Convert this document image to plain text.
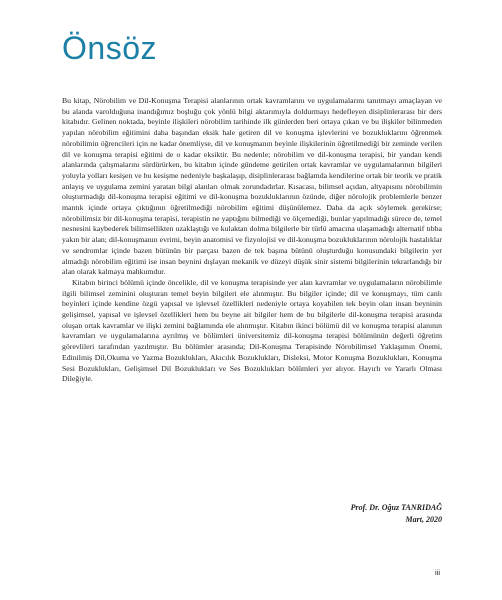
Önsöz

Bu kitap, Nörobilim ve Dil-Konuşma Terapisi alanlarının ortak kavramlarını ve uygulamalarını tanıtmayı amaçlayan ve bu alanda varolduğuna inandığımız boşluğu çok yönlü bilgi aktarımıyla doldurmayı hedefleyen disiplinlerarası bir ders kitabıdır. Gelinen noktada, beyinle ilişkileri nörobilim tarihinde ilk günlerden beri ortaya çıkan ve bu ilişkiler bilinmeden yapılan nörobilim eğitimini daha başından eksik hale getiren dil ve konuşma işlevlerini ve bozukluklarını öğrenmek nörobilimin öğrencileri için ne kadar önemliyse, dil ve konuşmanın beyinle ilişkilerinin öğretilmediği bir zeminde verilen dil ve konuşma terapisi eğitimi de o kadar eksiktir. Bu nedenle; nörobilim ve dil-konuşma terapisi, bir yandan kendi alanlarında çalışmalarını sürdürürken, bu kitabın içinde gündeme getirilen ortak kavramlar ve uygulamalarının bilgileri yoluyla yolları kesişen ve bu kesişme nedeniyle başkalaşıp, disiplinlerarası bağlamda kendilerine ortak bir teorik ve pratik anlayış ve uygulama zemini yaratan bilgi alanları olmak zorundadırlar. Kısacası, bilimsel açıdan, altyapısını nörobilimin oluşturmadığı dil-konuşma terapisi eğitimi ve dil-konuşma bozukluklarının özünde, diğer nörolojik problemlerle benzer mantık içinde ortaya çıktığının öğretilmediği nörobilim eğitimi düşünülemez. Daha da açık söylemek gerekirse; nörobilimsiz bir dil-konuşma terapisi, terapistin ne yaptığını bilmediği ve ölçemediği, bunlar yapılmadığı sürece de, temel nesnesini kaybederek bilimsellikten uzaklaştığı ve kulaktan dolma bilgilerle bir türlü amacına ulaşamadığı alternatif tıbba yakın bir alan; dil-konuşmanın evrimi, beyin anatomisi ve fizyolojisi ve dil-konuşma bozukluklarının nörolojik hastalıklar ve sendromlar içinde bazen bütünün bir parçası bazen de tek başına bütünü oluşturduğu konusundaki bilgilerin yer almadığı nörobilim eğitimi ise insan beynini dışlayan mekanik ve düzeyi düşük sinir sistemi bilgilerinin tekrarlandığı bir alan olarak kalmaya mahkumdur.

Kitabın birinci bölümü içinde öncelikle, dil ve konuşma terapisinde yer alan kavramlar ve uygulamaların nörobilimle ilgili bilimsel zeminini oluşturan temel beyin bilgileri ele alınmıştır. Bu bilgiler içinde; dil ve konuşmayı, tüm canlı beyinleri içinde kendine özgü yapısal ve işlevsel özellikleri nedeniyle ortaya koyabilen tek beyin olan insan beyninin gelişimsel, yapısal ve işlevsel özellikleri hem bu beyne ait bilgiler hem de bu bilgilerle dil-konuşma terapisi arasında oluşan ortak kavramlar ve ilişki zemini bağlamında ele alınmıştır. Kitabın ikinci bölümü dil ve konuşma terapisi alanının kavramları ve uygulamalarına ayrılmış ve bölümleri üniversitemiz dil-konuşma terapisi bölümünün değerli öğretim görevlileri tarafından yazılmıştır. Bu bölümler arasında; Dil-Konuşma Terapisinde Nörobilimsel Yaklaşımın Önemi, Edinilmiş Dil,Okuma ve Yazma Bozuklukları, Akıcılık Bozuklukları, Disleksi, Motor Konuşma Bozuklukları, Konuşma Sesi Bozuklukları, Gelişimsel Dil Bozuklukları ve Ses Bozuklukları bölümleri yer alıyor. Hayırlı ve Yararlı Olması Dileğiyle.

Prof. Dr. Oğuz TANRIDAĞ
Mart, 2020
iii
